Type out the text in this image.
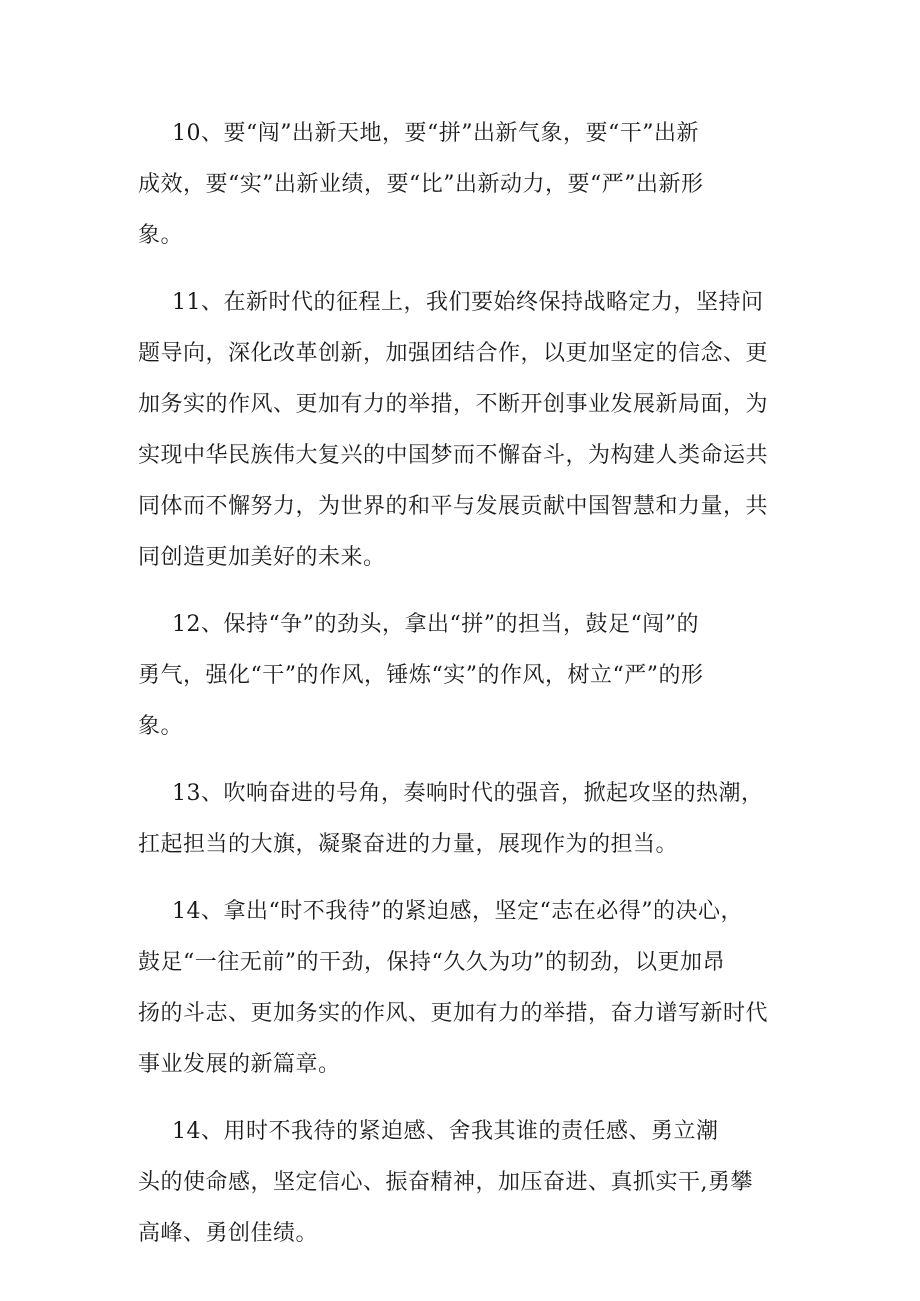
10、要“闯”出新天地，要“拼”出新气象，要“干”出新
成效，要“实”出新业绩，要“比”出新动力，要“严”出新形
象。
11、在新时代的征程上，我们要始终保持战略定力，坚持问
题导向，深化改革创新，加强团结合作，以更加坚定的信念、更
加务实的作风、更加有力的举措，不断开创事业发展新局面，为
实现中华民族伟大复兴的中国梦而不懈奋斗，为构建人类命运共
同体而不懈努力，为世界的和平与发展贡献中国智慧和力量，共
同创造更加美好的未来。
12、保持“争”的劲头，拿出“拼”的担当，鼓足“闯”的
勇气，强化“干”的作风，锤炼“实”的作风，树立“严”的形
象。
13、吹响奋进的号角，奏响时代的强音，掀起攻坚的热潮，
扛起担当的大旗，凝聚奋进的力量，展现作为的担当。
14、拿出“时不我待”的紧迫感，坚定“志在必得”的决心，
鼓足“一往无前”的干劲，保持“久久为功”的韧劲，以更加昂
扬的斗志、更加务实的作风、更加有力的举措，奋力谱写新时代
事业发展的新篇章。
14、用时不我待的紧迫感、舍我其谁的责任感、勇立潮
头的使命感，坚定信心、振奋精神，加压奋进、真抓实干,勇攀
高峰、勇创佳绩。
